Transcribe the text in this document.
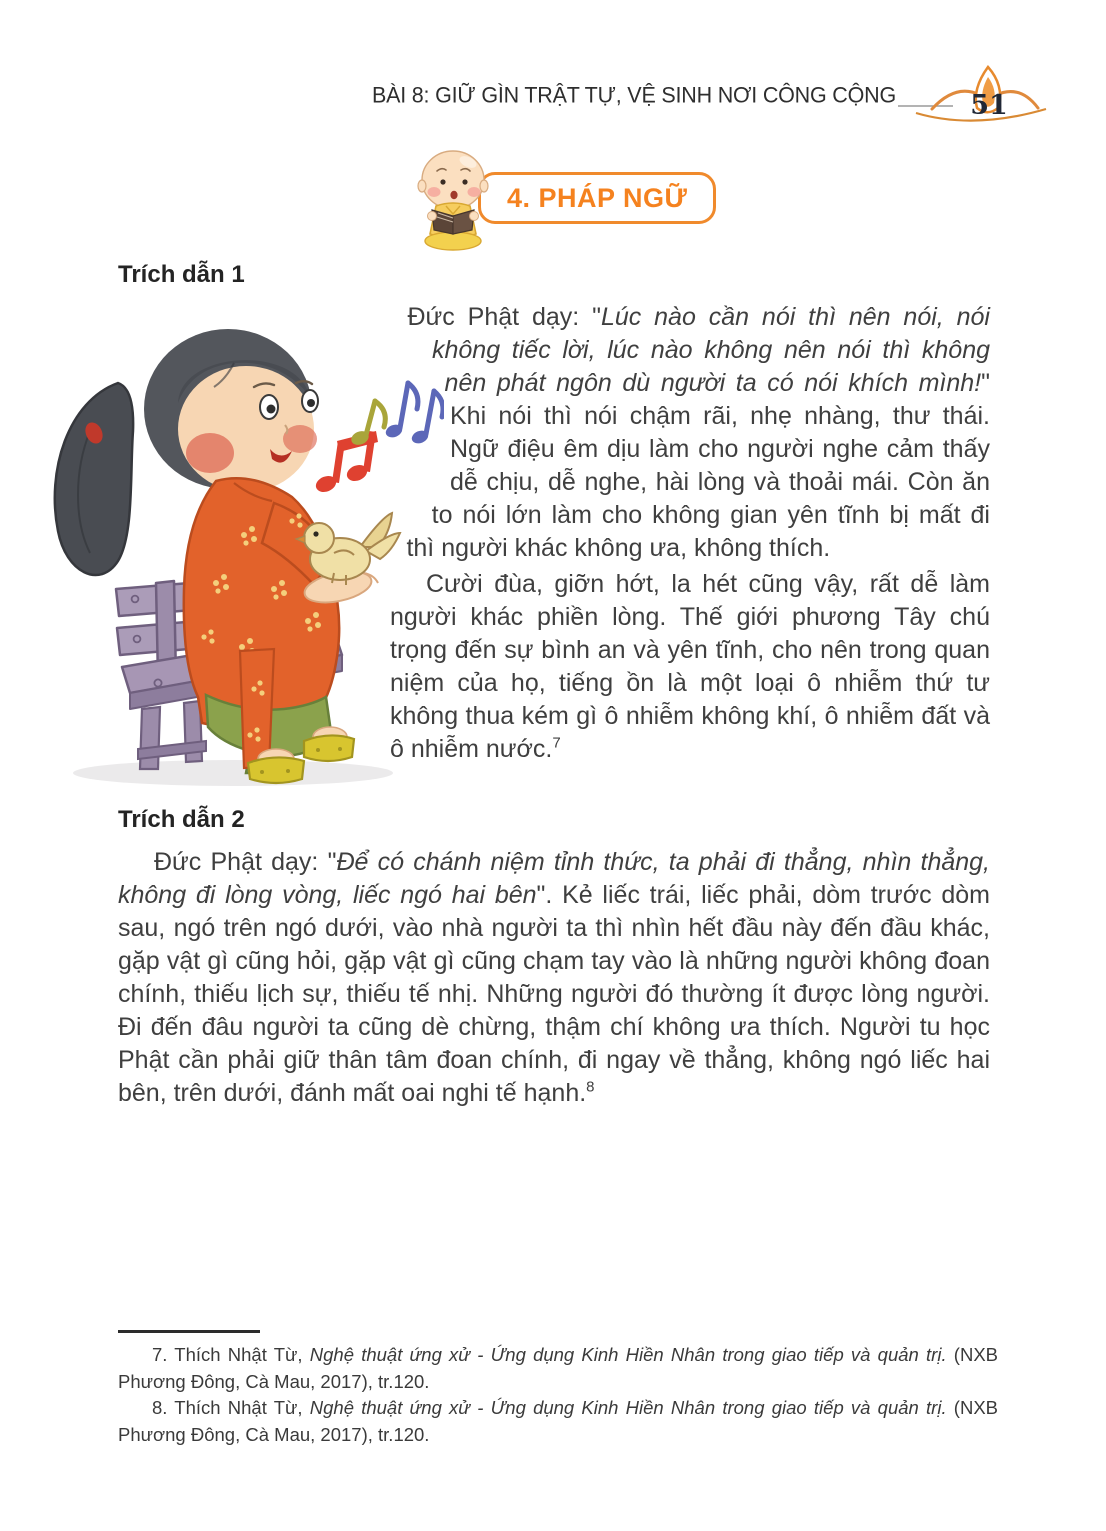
BÀI 8: GIỮ GÌN TRẬT TỰ, VỆ SINH NƠI CÔNG CỘNG	51
4. PHÁP NGỮ
Trích dẫn 1

Đức Phật dạy: "Lúc nào cần nói thì nên nói, nói không tiếc lời, lúc nào không nên nói thì không nên phát ngôn dù người ta có nói khích mình!" Khi nói thì nói chậm rãi, nhẹ nhàng, thư thái. Ngữ điệu êm dịu làm cho người nghe cảm thấy dễ chịu, dễ nghe, hài lòng và thoải mái. Còn ăn to nói lớn làm cho không gian yên tĩnh bị mất đi thì người khác không ưa, không thích.

Cười đùa, giỡn hớt, la hét cũng vậy, rất dễ làm người khác phiền lòng. Thế giới phương Tây chú trọng đến sự bình an và yên tĩnh, cho nên trong quan niệm của họ, tiếng ồn là một loại ô nhiễm thứ tư không thua kém gì ô nhiễm không khí, ô nhiễm đất và ô nhiễm nước.$^7$

Trích dẫn 2

Đức Phật dạy: "Để có chánh niệm tỉnh thức, ta phải đi thẳng, nhìn thẳng, không đi lòng vòng, liếc ngó hai bên". Kẻ liếc trái, liếc phải, dòm trước dòm sau, ngó trên ngó dưới, vào nhà người ta thì nhìn hết đầu này đến đầu khác, gặp vật gì cũng hỏi, gặp vật gì cũng chạm tay vào là những người không đoan chính, thiếu lịch sự, thiếu tế nhị. Những người đó thường ít được lòng người. Đi đến đâu người ta cũng dè chừng, thậm chí không ưa thích. Người tu học Phật cần phải giữ thân tâm đoan chính, đi ngay về thẳng, không ngó liếc hai bên, trên dưới, đánh mất oai nghi tế hạnh.$^8$

7. Thích Nhật Từ, Nghệ thuật ứng xử - Ứng dụng Kinh Hiền Nhân trong giao tiếp và quản trị. (NXB Phương Đông, Cà Mau, 2017), tr.120.

8. Thích Nhật Từ, Nghệ thuật ứng xử - Ứng dụng Kinh Hiền Nhân trong giao tiếp và quản trị. (NXB Phương Đông, Cà Mau, 2017), tr.120.
